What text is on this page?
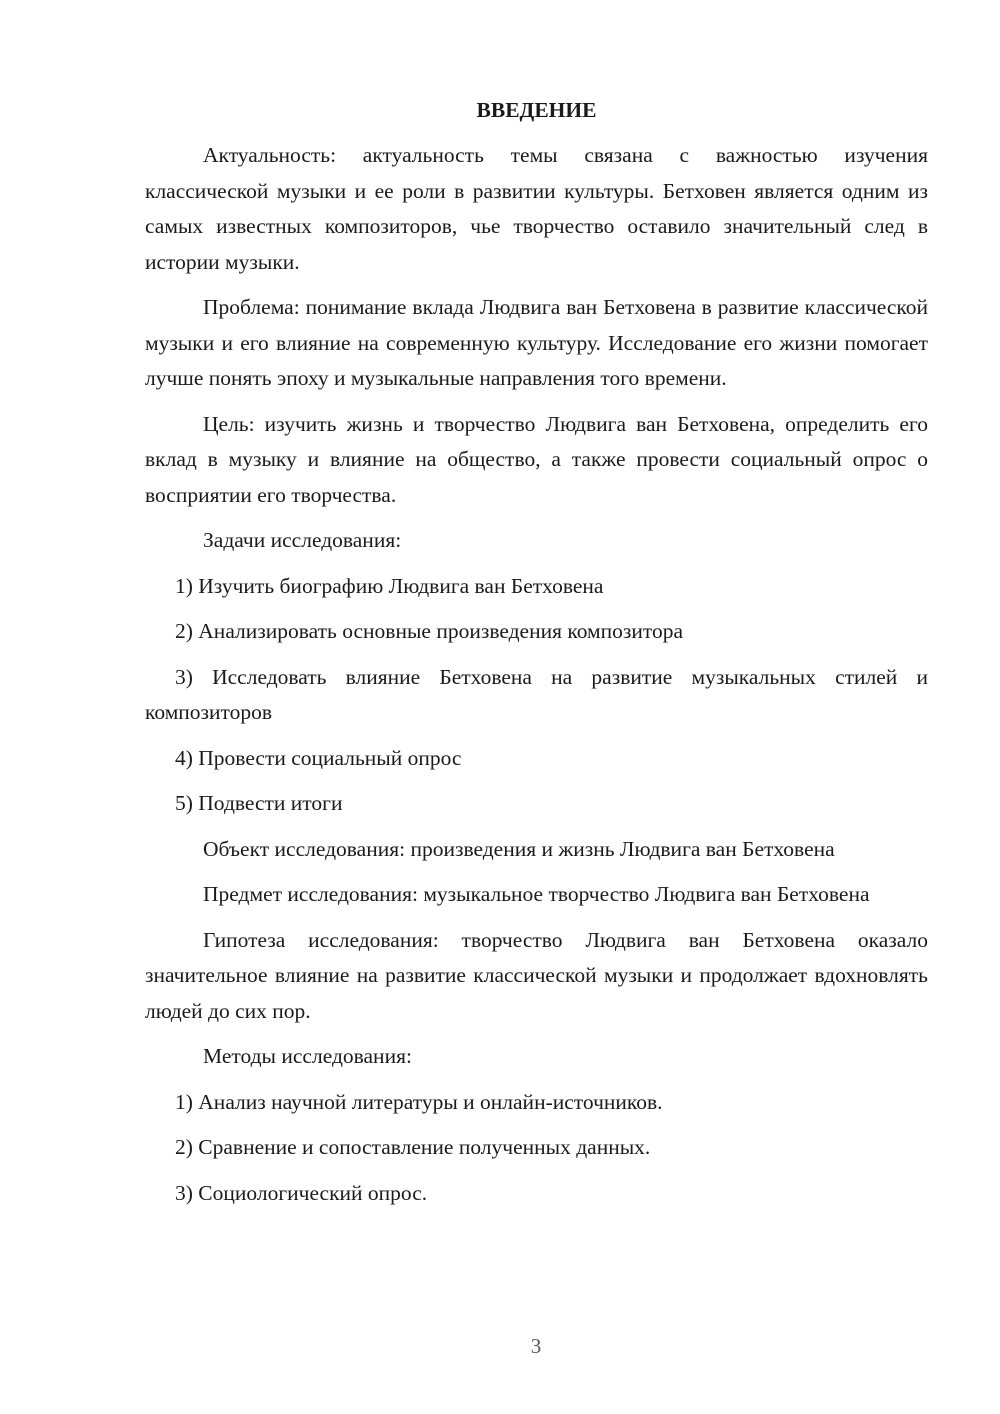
ВВЕДЕНИЕ

Актуальность: актуальность темы связана с важностью изучения классической музыки и ее роли в развитии культуры. Бетховен является одним из самых известных композиторов, чье творчество оставило значительный след в истории музыки.

Проблема: понимание вклада Людвига ван Бетховена в развитие классической музыки и его влияние на современную культуру. Исследование его жизни помогает лучше понять эпоху и музыкальные направления того времени.

Цель: изучить жизнь и творчество Людвига ван Бетховена, определить его вклад в музыку и влияние на общество, а также провести социальный опрос о восприятии его творчества.

Задачи исследования:

1) Изучить биографию Людвига ван Бетховена

2) Анализировать основные произведения композитора

3) Исследовать влияние Бетховена на развитие музыкальных стилей и композиторов

4) Провести социальный опрос

5) Подвести итоги

Объект исследования: произведения и жизнь Людвига ван Бетховена

Предмет исследования: музыкальное творчество Людвига ван Бетховена

Гипотеза исследования: творчество Людвига ван Бетховена оказало значительное влияние на развитие классической музыки и продолжает вдохновлять людей до сих пор.

Методы исследования:

1) Анализ научной литературы и онлайн-источников.

2) Сравнение и сопоставление полученных данных.

3) Социологический опрос.

3
